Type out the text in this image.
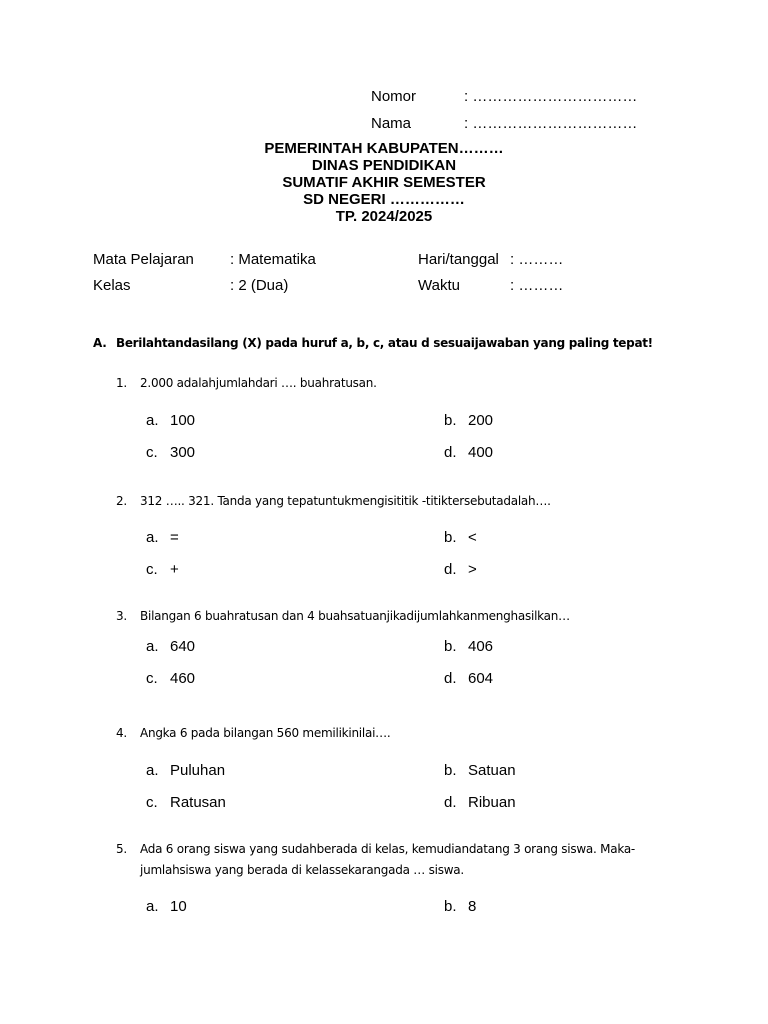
Nomor	: ……………………………
Nama	: ……………………………
PEMERINTAH KABUPATEN………
DINAS PENDIDIKAN
SUMATIF AKHIR SEMESTER
SD NEGERI ……………
TP. 2024/2025
Mata Pelajaran : Matematika	Hari/tanggal : ………
Kelas	: 2 (Dua)	Waktu	: ………
A. Berilahtandasilang (X) pada huruf a, b, c, atau d sesuaijawaban yang paling tepat!
1. 2.000 adalahjumlahdari …. buahratusan.
a. 100	b. 200
c. 300	d. 400
2. 312 ….. 321. Tanda yang tepatuntukmengisititik -titiktersebutadalah….
a. =	b. <
c. +	d. >
3. Bilangan 6 buahratusan dan 4 buahsatuanjikadijumlahkanmenghasilkan…
a. 640	b. 406
c. 460	d. 604
4. Angka 6 pada bilangan 560 memilikinilai….
a. Puluhan	b. Satuan
c. Ratusan	d. Ribuan
5. Ada 6 orang siswa yang sudahberada di kelas, kemudiandatang 3 orang siswa. Maka-
jumlahsiswa yang berada di kelassekarangada … siswa.
a. 10	b. 8
